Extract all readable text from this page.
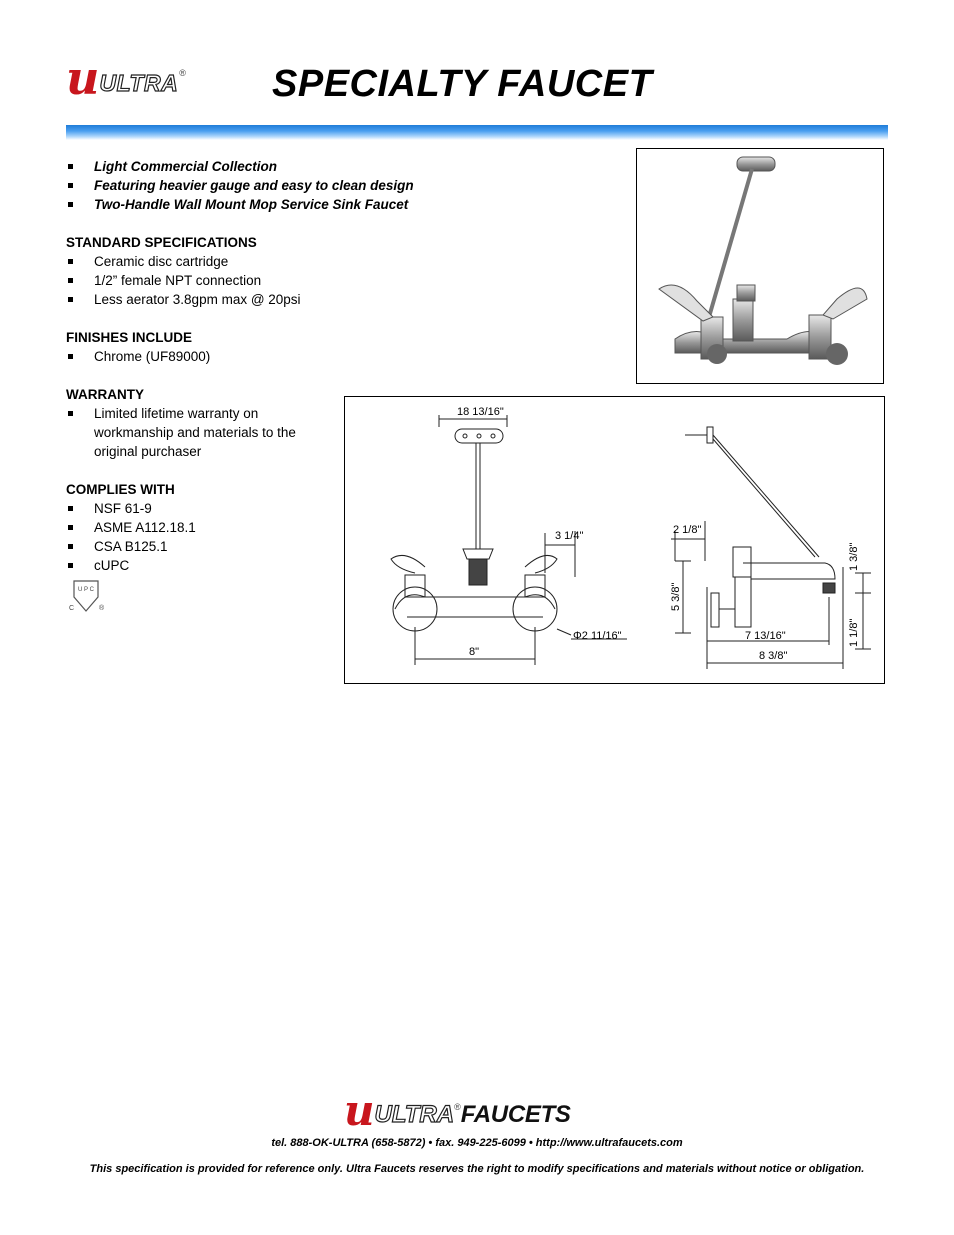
u ULTRA ® SPECIALTY FAUCET
Light Commercial Collection
Featuring heavier gauge and easy to clean design
Two-Handle Wall Mount Mop Service Sink Faucet
STANDARD SPECIFICATIONS
Ceramic disc cartridge
1/2” female NPT connection
Less aerator 3.8gpm max @ 20psi
FINISHES INCLUDE
Chrome (UF89000)
WARRANTY
Limited lifetime warranty on workmanship and materials to the original purchaser
COMPLIES WITH
NSF 61-9
ASME A112.18.1
CSA B125.1
cUPC
U P C
C	®
18 13/16"
3 1/4"
Φ2 11/16"
8"
2 1/8"
5 3/8"
7 13/16"
8 3/8"
1 3/8"
1 1/8"
u ULTRA ® FAUCETS
tel. 888-OK-ULTRA (658-5872) • fax. 949-225-6099 • http://www.ultrafaucets.com
This specification is provided for reference only. Ultra Faucets reserves the right to modify specifications and materials without notice or obligation.
